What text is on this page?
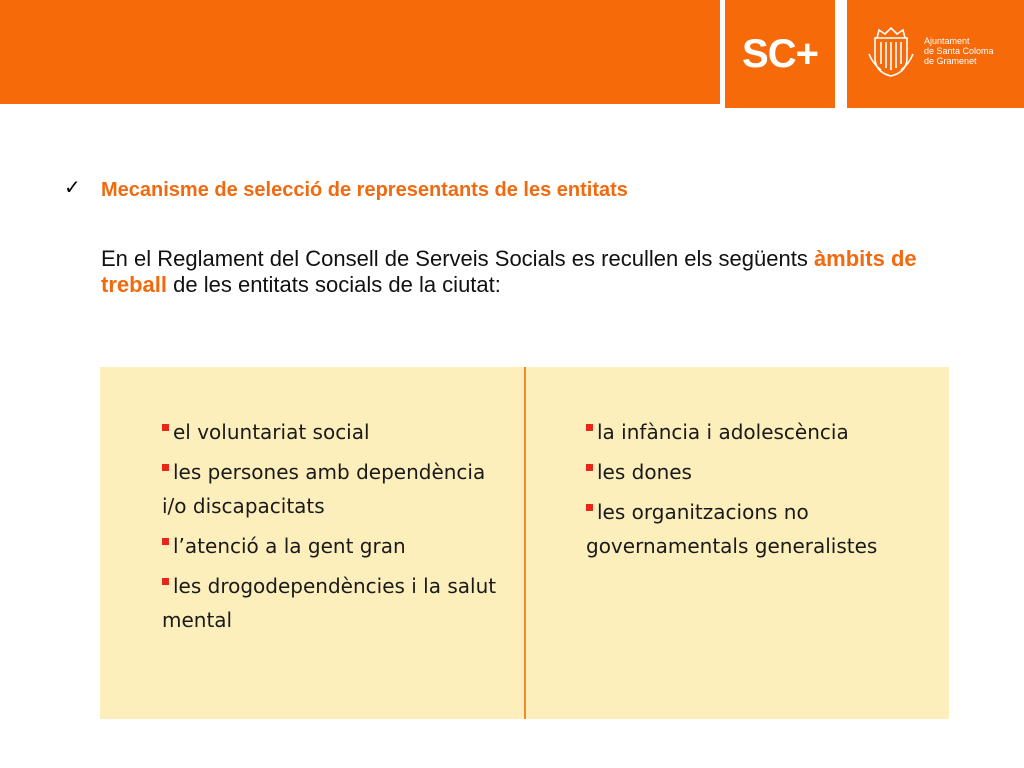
SC+	Ajuntament
de Santa Coloma
de Gramenet
✓ Mecanisme de selecció de representants de les entitats
En el Reglament del Consell de Serveis Socials es recullen els següents àmbits de treball de les entitats socials de la ciutat:
el voluntariat social
les persones amb dependència i/o discapacitats
l’atenció a la gent gran
les drogodependències i la salut mental
la infància i adolescència
les dones
les organitzacions no governamentals generalistes
